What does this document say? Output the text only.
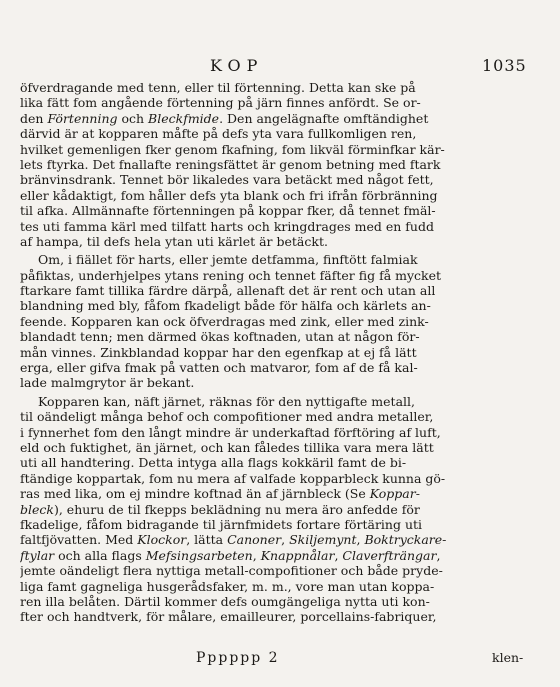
KOP	1035
öfverdragande med tenn, eller til förtenning. Detta kan ske på
lika fätt fom angående förtenning på järn finnes anfördt. Se or-
den Förtenning och Bleckfmide. Den angelägnafte omftändighet
därvid är at kopparen måfte på defs yta vara fullkomligen ren,
hvilket gemenligen fker genom fkafning, fom likväl förminfkar kär-
lets ftyrka. Det fnallafte reningsfättet är genom betning med ftark
bränvinsdrank. Tennet bör likaledes vara betäckt med något fett,
eller kådaktigt, fom håller defs yta blank och fri ifrån förbränning
til afka. Allmännafte förtenningen på koppar fker, då tennet fmäl-
tes uti famma kärl med tilfatt harts och kringdrages med en fudd
af hampa, til defs hela ytan uti kärlet är betäckt.
Om, i fiället för harts, eller jemte detfamma, finftött falmiak
påfiktas, underhjelpes ytans rening och tennet fäfter fig få mycket
ftarkare famt tillika färdre därpå, allenaft det är rent och utan all
blandning med bly, fåfom fkadeligt både för hälfa och kärlets an-
feende. Kopparen kan ock öfverdragas med zink, eller med zink-
blandadt tenn; men därmed ökas koftnaden, utan at någon för-
mån vinnes. Zinkblandad koppar har den egenfkap at ej få lätt
erga, eller gifva fmak på vatten och matvaror, fom af de få kal-
lade malmgrytor är bekant.
Kopparen kan, näft järnet, räknas för den nyttigafte metall,
til oändeligt många behof och compofitioner med andra metaller,
i fynnerhet fom den långt mindre är underkaftad förftöring af luft,
eld och fuktighet, än järnet, och kan fåledes tillika vara mera lätt
uti all handtering. Detta intyga alla flags kokkäril famt de bi-
ftändige koppartak, fom nu mera af valfade kopparbleck kunna gö-
ras med lika, om ej mindre koftnad än af järnbleck (Se Koppar-
bleck), ehuru de til fkepps beklädning nu mera äro anfedde för
fkadelige, fåfom bidragande til järnfmidets fortare förtäring uti
faltfjövatten. Med Klockor, lätta Canoner, Skiljemynt, Boktryckare-
ftylar och alla flags Mefsingsarbeten, Knappnålar, Claverfträngar,
jemte oändeligt flera nyttiga metall-compofitioner och både pryde-
liga famt gagneliga husgerådsfaker, m. m., vore man utan koppa-
ren illa belåten. Därtil kommer defs oumgängeliga nytta uti kon-
fter och handtverk, för målare, emailleurer, porcellains-fabriquer,
Pppppp 2	klen-
